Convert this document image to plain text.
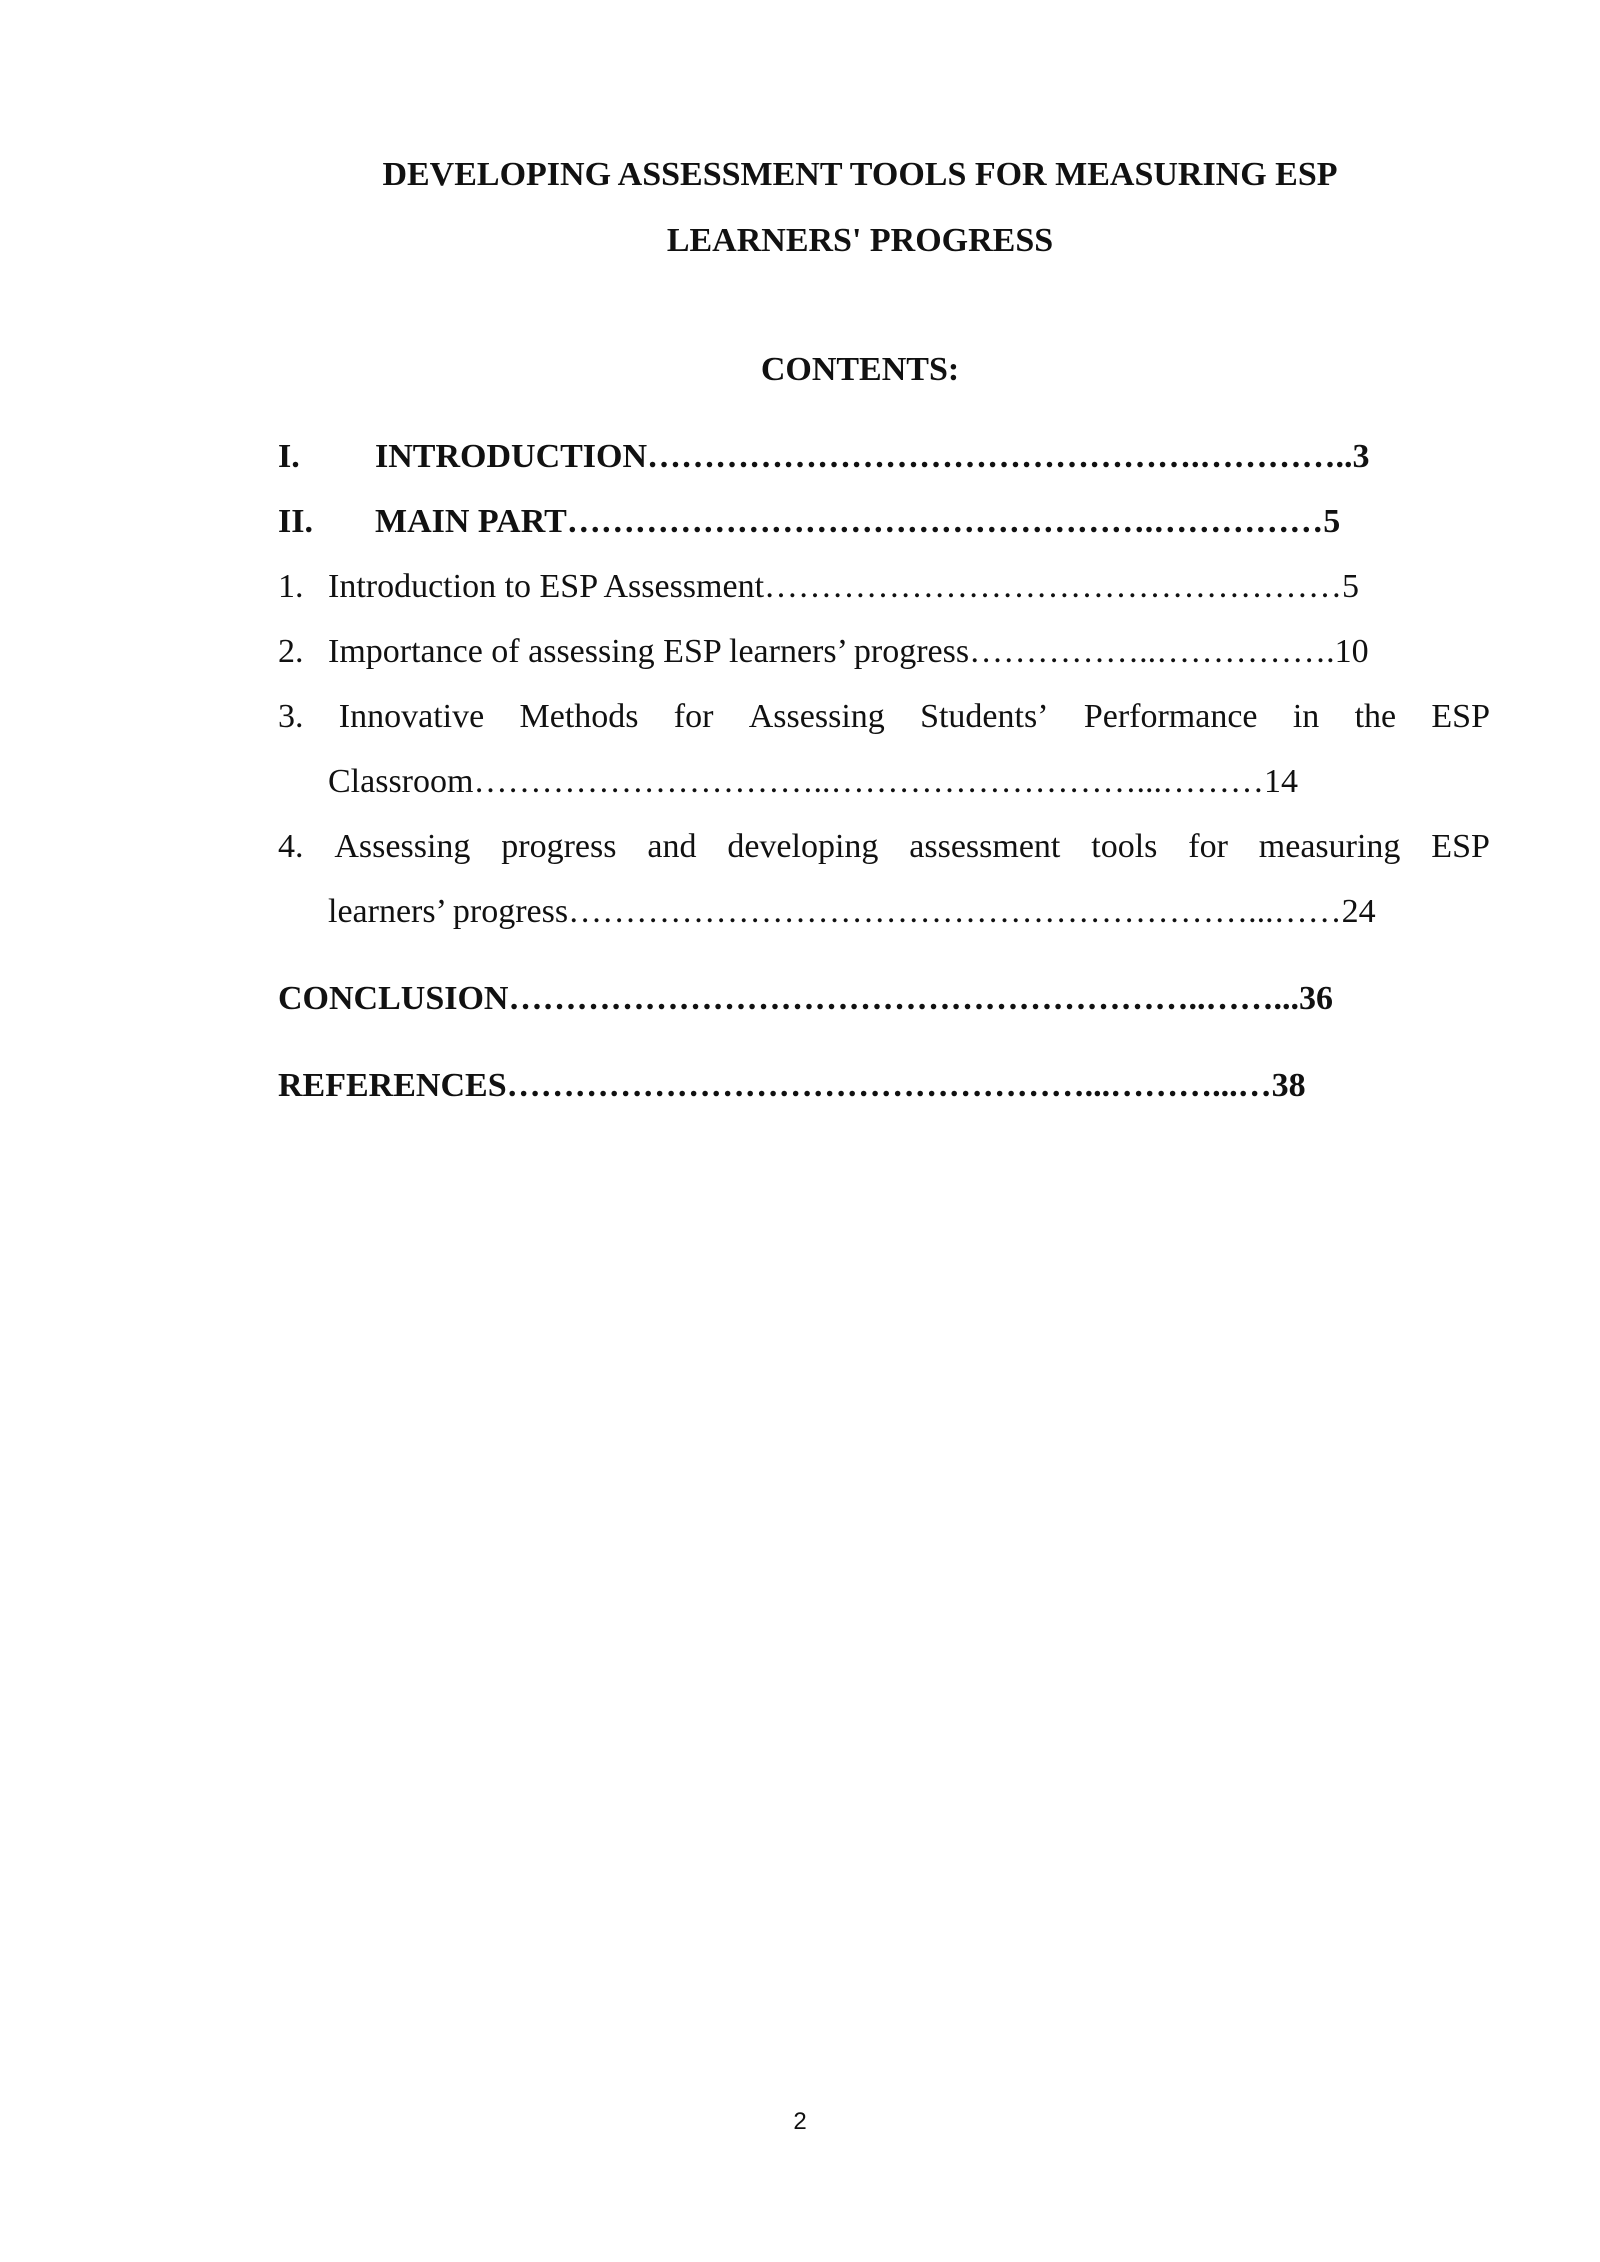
DEVELOPING ASSESSMENT TOOLS FOR MEASURING ESP
LEARNERS' PROGRESS
CONTENTS:
I. INTRODUCTION………………………………………….…………..3
II. MAIN PART…………………………………………….……………5
1. Introduction to ESP Assessment……………………………………………5
2. Importance of assessing ESP learners’ progress……………..…………….10
3. Innovative Methods for Assessing Students’ Performance in the ESP
Classroom…………………………..………………………...………14
4. Assessing progress and developing assessment tools for measuring ESP
learners’ progress……………………………………………………...……24
CONCLUSION……………………………………………………..……...36
REFERENCES……………………………………………...………...…38
2
